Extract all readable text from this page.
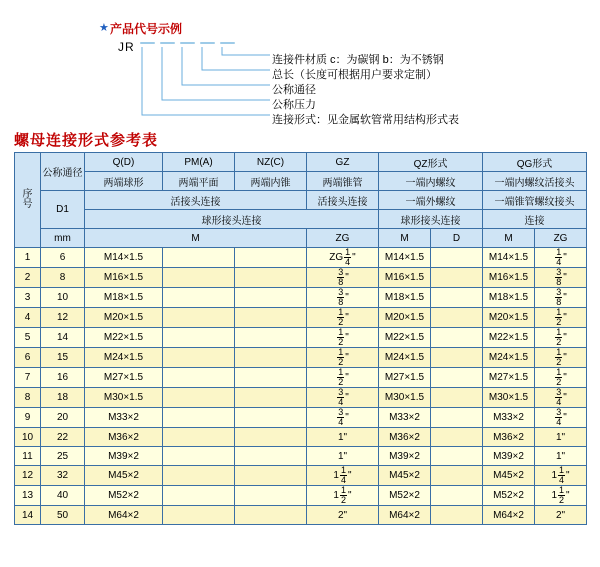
★ 产品代号示例
JR
连接件材质 c：为碳钢 b：为不锈钢
总长（长度可根据用户要求定制）
公称通径
公称压力
连接形式：见金属软管常用结构形式表
螺母连接形式参考表
序
号	公称通径	Q(D)	PM(A)	NZ(C)	GZ	QZ形式		QG形式	
		两端球形	两端平面	两端内锥	两端锥管	一端内螺纹		一端内螺纹活接头	
	D1	活接头连接			活接头连接	一端外螺纹		一端锥管螺纹接头	
		球形接头连接				球形接头连接		连接	
	mm	M			ZG	M	D	M	ZG
1	6	M14×1.5			ZG $\frac{1}{4}$ "	M14×1.5		M14×1.5	$\frac{1}{4}$ "
2	8	M16×1.5			$\frac{3}{8}$ "	M16×1.5		M16×1.5	$\frac{3}{8}$ "
3	10	M18×1.5			$\frac{3}{8}$ "	M18×1.5		M18×1.5	$\frac{3}{8}$ "
4	12	M20×1.5			$\frac{1}{2}$ "	M20×1.5		M20×1.5	$\frac{1}{2}$ "
5	14	M22×1.5			$\frac{1}{2}$ "	M22×1.5		M22×1.5	$\frac{1}{2}$ "
6	15	M24×1.5			$\frac{1}{2}$ "	M24×1.5		M24×1.5	$\frac{1}{2}$ "
7	16	M27×1.5			$\frac{1}{2}$ "	M27×1.5		M27×1.5	$\frac{1}{2}$ "
8	18	M30×1.5			$\frac{3}{4}$ "	M30×1.5		M30×1.5	$\frac{3}{4}$ "
9	20	M33×2			$\frac{3}{4}$ "	M33×2		M33×2	$\frac{3}{4}$ "
10	22	M36×2			1"	M36×2		M36×2	1"
11	25	M39×2			1"	M39×2		M39×2	1"
12	32	M45×2			$1 \frac{1}{4}$ "	M45×2		M45×2	$1 \frac{1}{4}$ "
13	40	M52×2			$1 \frac{1}{2}$ "	M52×2		M52×2	$1 \frac{1}{2}$ "
14	50	M64×2			2"	M64×2		M64×2	2"
